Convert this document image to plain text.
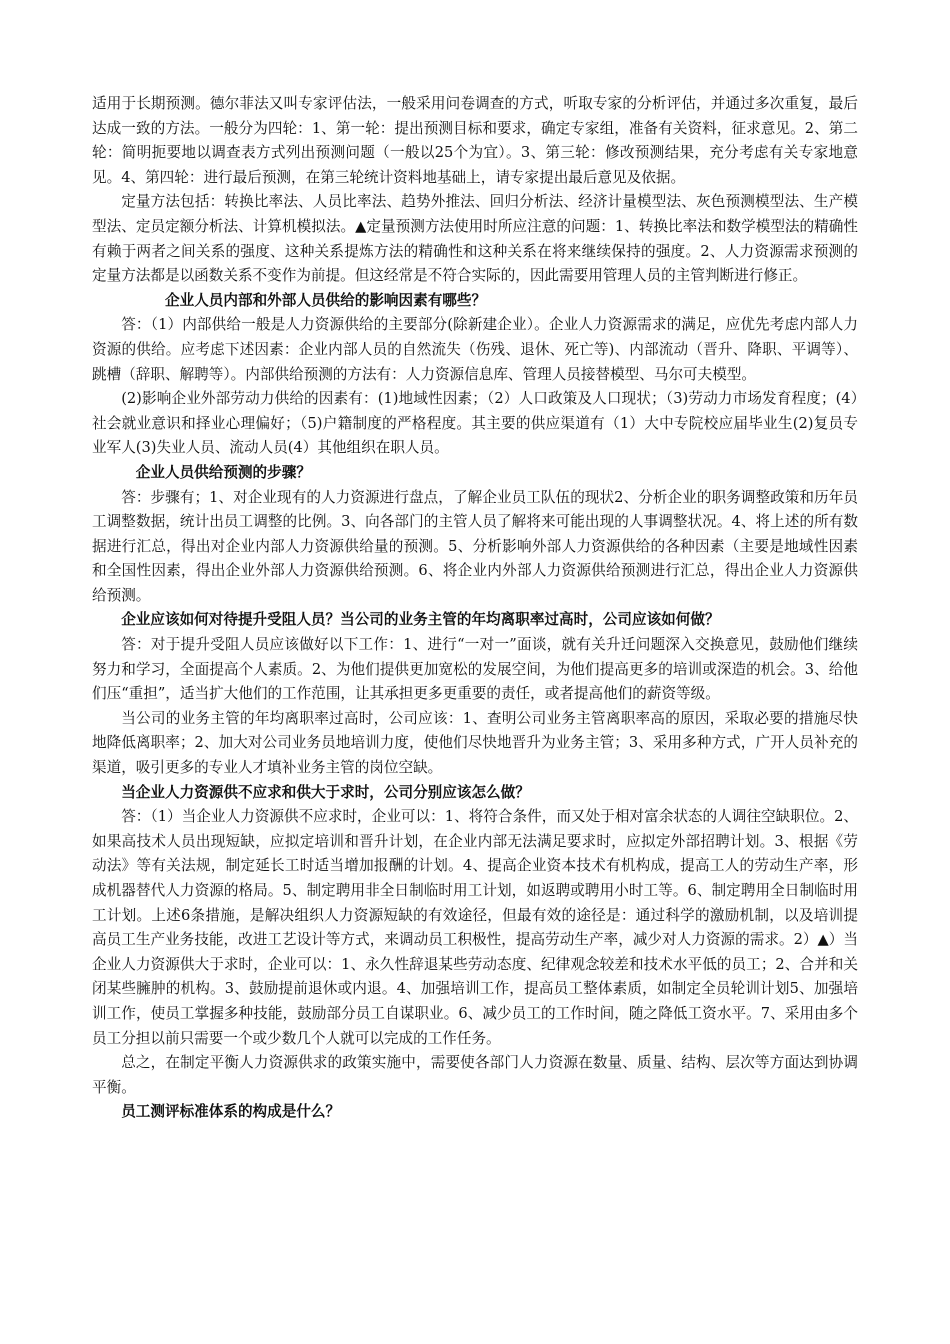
适用于长期预测。德尔菲法又叫专家评估法，一般采用问卷调查的方式，听取专家的分析评估，并通过多次重复，最后达成一致的方法。一般分为四轮：1、第一轮：提出预测目标和要求，确定专家组，准备有关资料，征求意见。2、第二轮：简明扼要地以调查表方式列出预测问题（一般以25个为宜）。3、第三轮：修改预测结果，充分考虑有关专家地意见。4、第四轮：进行最后预测，在第三轮统计资料地基础上，请专家提出最后意见及依据。

定量方法包括：转换比率法、人员比率法、趋势外推法、回归分析法、经济计量模型法、灰色预测模型法、生产模型法、定员定额分析法、计算机模拟法。▲定量预测方法使用时所应注意的问题：1、转换比率法和数学模型法的精确性有赖于两者之间关系的强度、这种关系提炼方法的精确性和这种关系在将来继续保持的强度。2、人力资源需求预测的定量方法都是以函数关系不变作为前提。但这经常是不符合实际的，因此需要用管理人员的主管判断进行修正。

企业人员内部和外部人员供给的影响因素有哪些？

答：（1）内部供给一般是人力资源供给的主要部分(除新建企业）。企业人力资源需求的满足，应优先考虑内部人力资源的供给。应考虑下述因素：企业内部人员的自然流失（伤残、退休、死亡等)、内部流动（晋升、降职、平调等）、跳槽（辞职、解聘等）。内部供给预测的方法有：人力资源信息库、管理人员接替模型、马尔可夫模型。

(2)影响企业外部劳动力供给的因素有：(1)地域性因素；（2）人口政策及人口现状；（3)劳动力市场发育程度；(4）社会就业意识和择业心理偏好；（5)户籍制度的严格程度。其主要的供应渠道有（1）大中专院校应届毕业生(2)复员专业军人(3)失业人员、流动人员(4）其他组织在职人员。

企业人员供给预测的步骤？

答：步骤有；1、对企业现有的人力资源进行盘点，了解企业员工队伍的现状2、分析企业的职务调整政策和历年员工调整数据，统计出员工调整的比例。3、向各部门的主管人员了解将来可能出现的人事调整状况。4、将上述的所有数据进行汇总，得出对企业内部人力资源供给量的预测。5、分析影响外部人力资源供给的各种因素（主要是地域性因素和全国性因素，得出企业外部人力资源供给预测。6、将企业内外部人力资源供给预测进行汇总，得出企业人力资源供给预测。

企业应该如何对待提升受阻人员？当公司的业务主管的年均离职率过高时，公司应该如何做？

答：对于提升受阻人员应该做好以下工作：1、进行“一对一”面谈，就有关升迁问题深入交换意见，鼓励他们继续努力和学习，全面提高个人素质。2、为他们提供更加宽松的发展空间，为他们提高更多的培训或深造的机会。3、给他们压“重担”，适当扩大他们的工作范围，让其承担更多更重要的责任，或者提高他们的薪资等级。

当公司的业务主管的年均离职率过高时，公司应该：1、查明公司业务主管离职率高的原因，采取必要的措施尽快地降低离职率；2、加大对公司业务员地培训力度，使他们尽快地晋升为业务主管；3、采用多种方式，广开人员补充的渠道，吸引更多的专业人才填补业务主管的岗位空缺。

当企业人力资源供不应求和供大于求时，公司分别应该怎么做？

答：（1）当企业人力资源供不应求时，企业可以：1、将符合条件，而又处于相对富余状态的人调往空缺职位。2、如果高技术人员出现短缺，应拟定培训和晋升计划，在企业内部无法满足要求时，应拟定外部招聘计划。3、根据《劳动法》等有关法规，制定延长工时适当增加报酬的计划。4、提高企业资本技术有机构成，提高工人的劳动生产率，形成机器替代人力资源的格局。5、制定聘用非全日制临时用工计划，如返聘或聘用小时工等。6、制定聘用全日制临时用工计划。上述6条措施，是解决组织人力资源短缺的有效途径，但最有效的途径是：通过科学的激励机制，以及培训提高员工生产业务技能，改进工艺设计等方式，来调动员工积极性，提高劳动生产率，减少对人力资源的需求。2）▲）当企业人力资源供大于求时，企业可以：1、永久性辞退某些劳动态度、纪律观念较差和技术水平低的员工；2、合并和关闭某些臃肿的机构。3、鼓励提前退休或内退。4、加强培训工作，提高员工整体素质，如制定全员轮训计划5、加强培训工作，使员工掌握多种技能，鼓励部分员工自谋职业。6、减少员工的工作时间，随之降低工资水平。7、采用由多个员工分担以前只需要一个或少数几个人就可以完成的工作任务。

总之，在制定平衡人力资源供求的政策实施中，需要使各部门人力资源在数量、质量、结构、层次等方面达到协调平衡。

员工测评标准体系的构成是什么？
